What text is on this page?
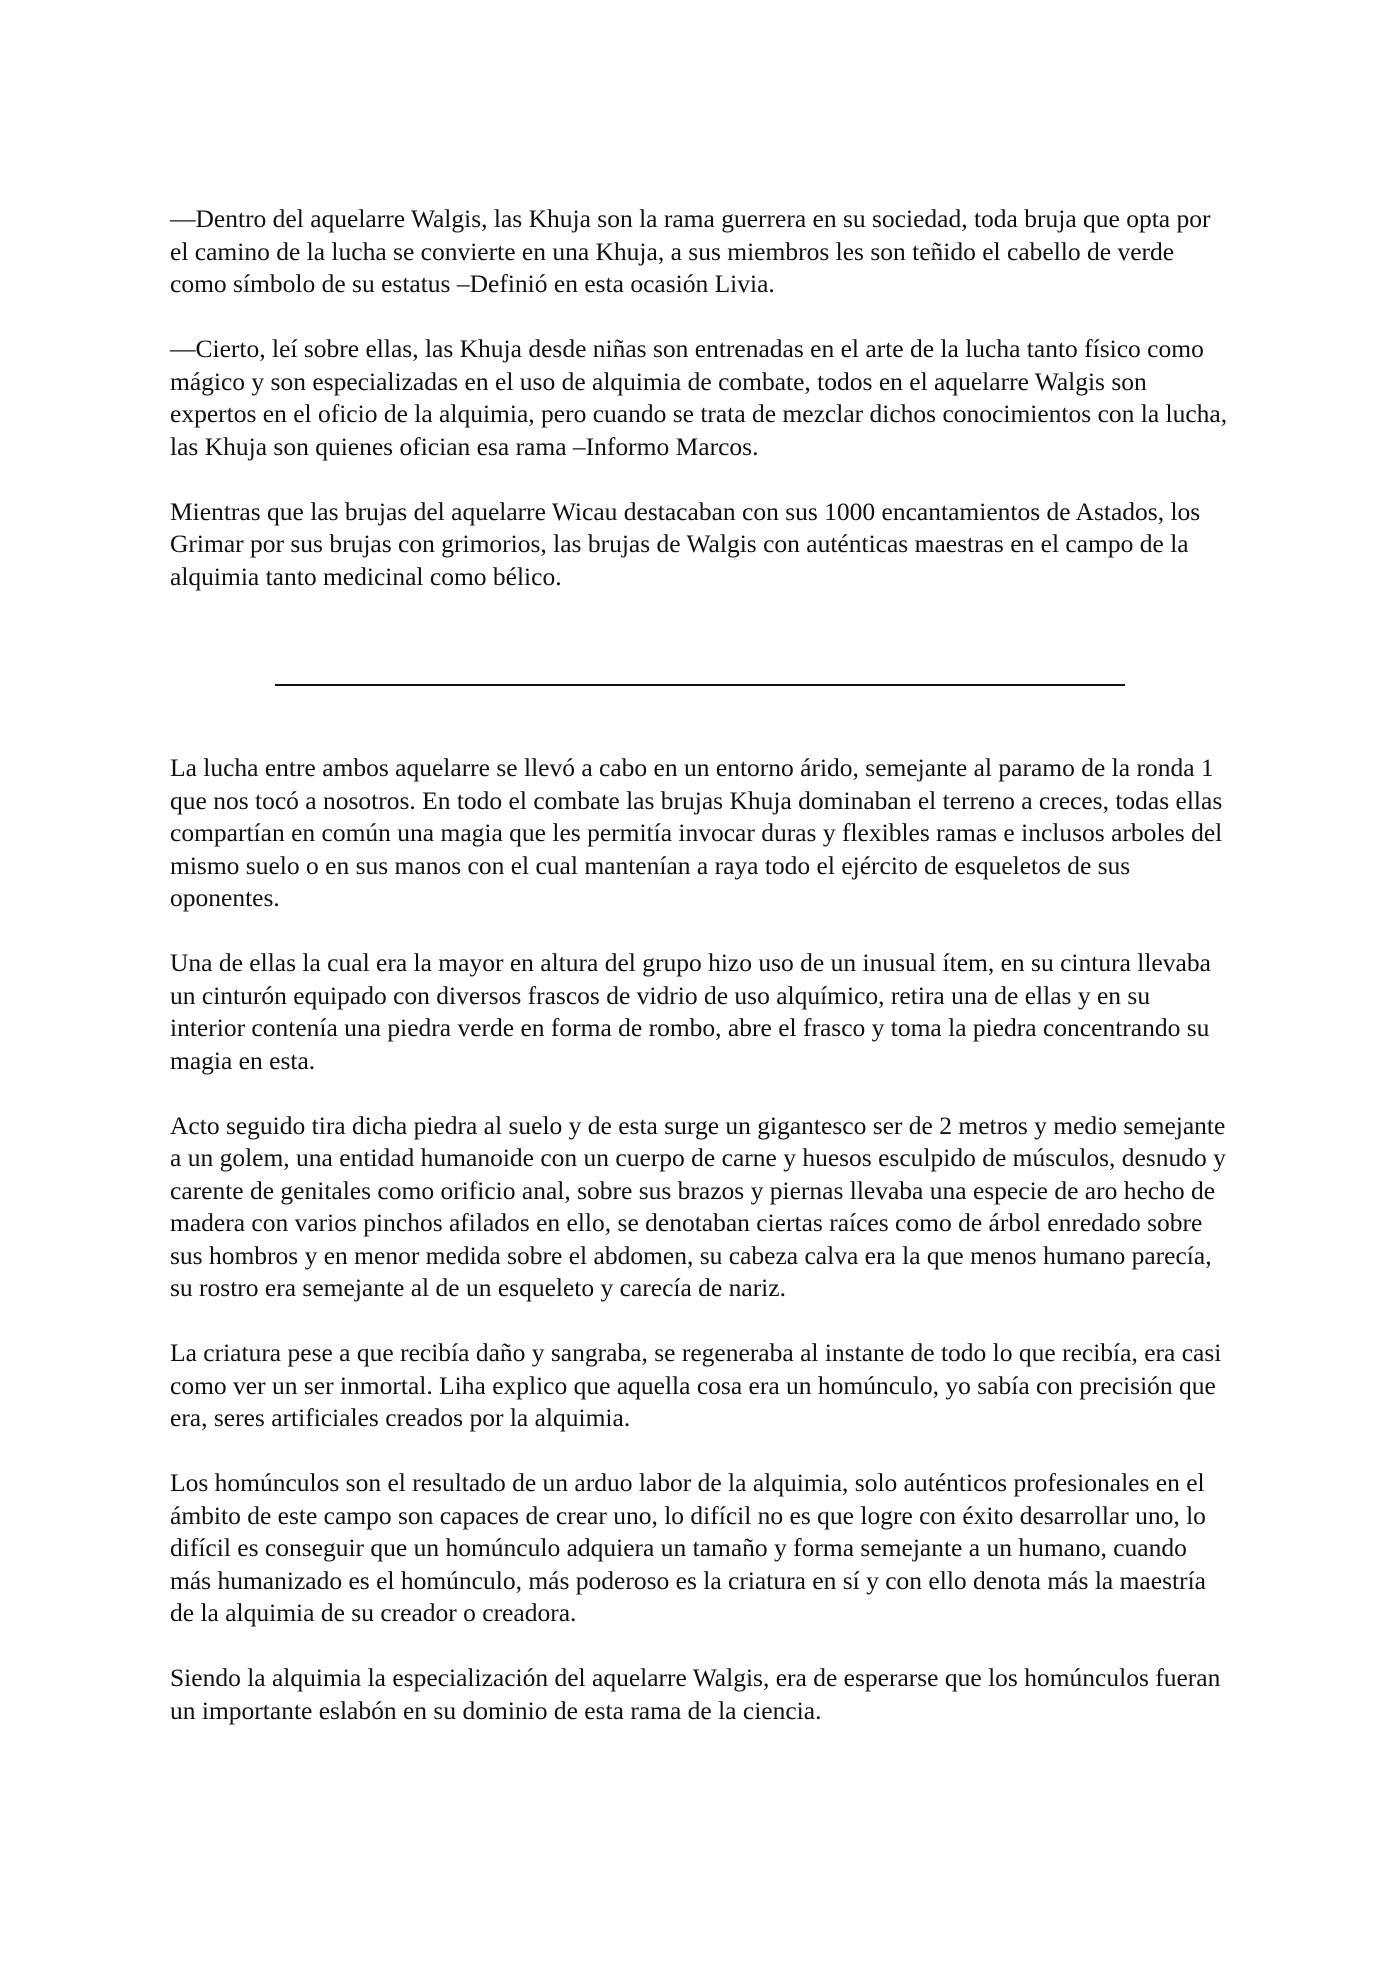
—Dentro del aquelarre Walgis, las Khuja son la rama guerrera en su sociedad, toda bruja que opta por el camino de la lucha se convierte en una Khuja, a sus miembros les son teñido el cabello de verde como símbolo de su estatus –Definió en esta ocasión Livia.

—Cierto, leí sobre ellas, las Khuja desde niñas son entrenadas en el arte de la lucha tanto físico como mágico y son especializadas en el uso de alquimia de combate, todos en el aquelarre Walgis son expertos en el oficio de la alquimia, pero cuando se trata de mezclar dichos conocimientos con la lucha, las Khuja son quienes ofician esa rama –Informo Marcos.

Mientras que las brujas del aquelarre Wicau destacaban con sus 1000 encantamientos de Astados, los Grimar por sus brujas con grimorios, las brujas de Walgis con auténticas maestras en el campo de la alquimia tanto medicinal como bélico.

La lucha entre ambos aquelarre se llevó a cabo en un entorno árido, semejante al paramo de la ronda 1 que nos tocó a nosotros. En todo el combate las brujas Khuja dominaban el terreno a creces, todas ellas compartían en común una magia que les permitía invocar duras y flexibles ramas e inclusos arboles del mismo suelo o en sus manos con el cual mantenían a raya todo el ejército de esqueletos de sus oponentes.

Una de ellas la cual era la mayor en altura del grupo hizo uso de un inusual ítem, en su cintura llevaba un cinturón equipado con diversos frascos de vidrio de uso alquímico, retira una de ellas y en su interior contenía una piedra verde en forma de rombo, abre el frasco y toma la piedra concentrando su magia en esta.

Acto seguido tira dicha piedra al suelo y de esta surge un gigantesco ser de 2 metros y medio semejante a un golem, una entidad humanoide con un cuerpo de carne y huesos esculpido de músculos, desnudo y carente de genitales como orificio anal, sobre sus brazos y piernas llevaba una especie de aro hecho de madera con varios pinchos afilados en ello, se denotaban ciertas raíces como de árbol enredado sobre sus hombros y en menor medida sobre el abdomen, su cabeza calva era la que menos humano parecía, su rostro era semejante al de un esqueleto y carecía de nariz.

La criatura pese a que recibía daño y sangraba, se regeneraba al instante de todo lo que recibía, era casi como ver un ser inmortal. Liha explico que aquella cosa era un homúnculo, yo sabía con precisión que era, seres artificiales creados por la alquimia.

Los homúnculos son el resultado de un arduo labor de la alquimia, solo auténticos profesionales en el ámbito de este campo son capaces de crear uno, lo difícil no es que logre con éxito desarrollar uno, lo difícil es conseguir que un homúnculo adquiera un tamaño y forma semejante a un humano, cuando más humanizado es el homúnculo, más poderoso es la criatura en sí y con ello denota más la maestría de la alquimia de su creador o creadora.

Siendo la alquimia la especialización del aquelarre Walgis, era de esperarse que los homúnculos fueran un importante eslabón en su dominio de esta rama de la ciencia.
